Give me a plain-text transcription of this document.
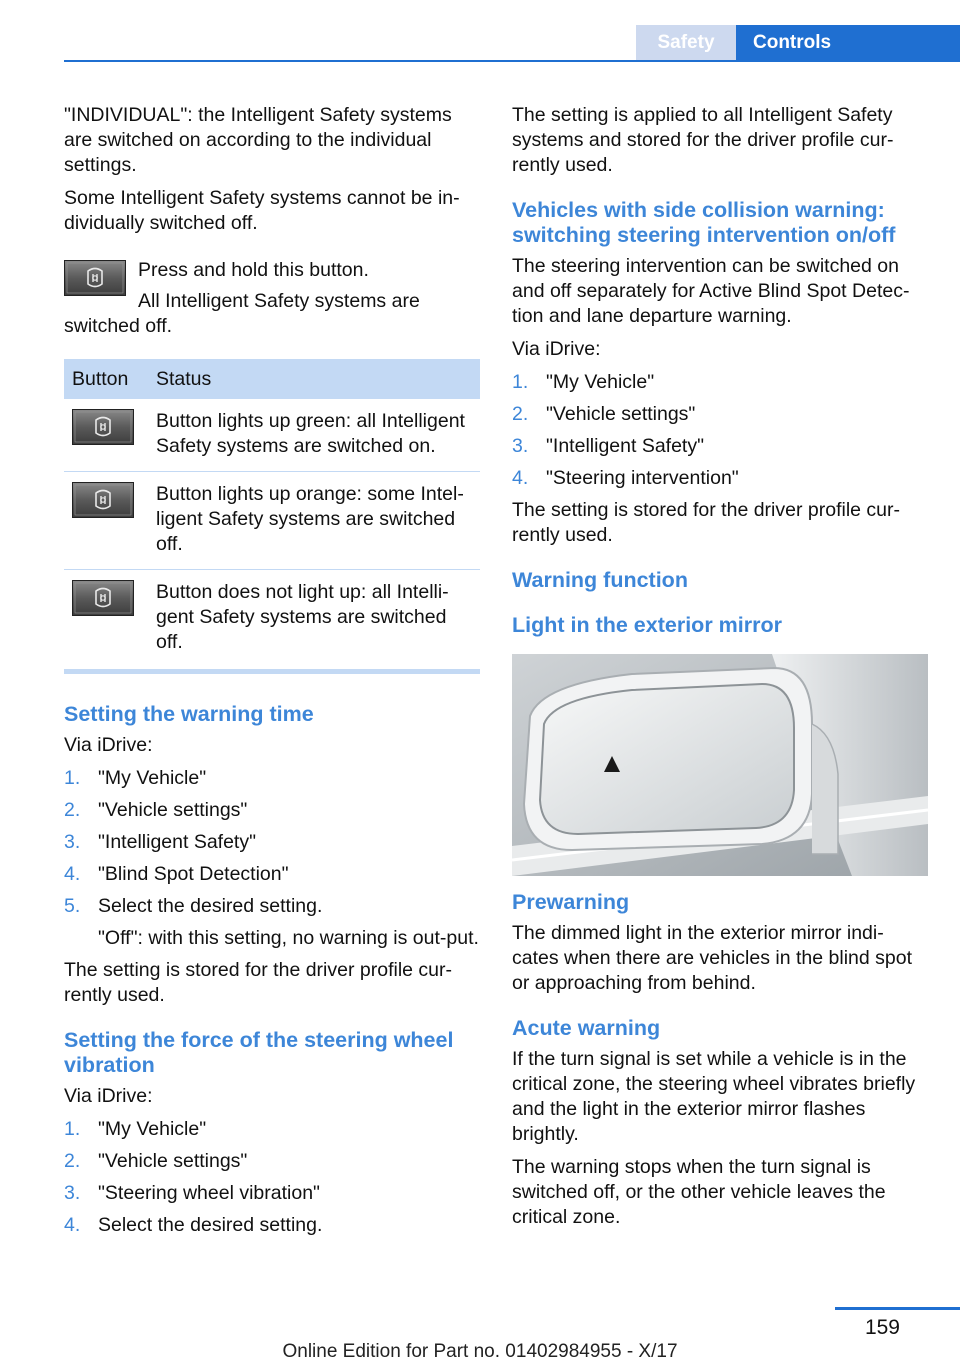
Safety	Controls

"INDIVIDUAL": the Intelligent Safety systems are switched on according to the individual settings.

Some Intelligent Safety systems cannot be in-dividually switched off.

Press and hold this button.

All Intelligent Safety systems are switched off.

Button	Status
	Button lights up green: all Intelligent Safety systems are switched on.
	Button lights up orange: some Intel-ligent Safety systems are switched off.
	Button does not light up: all Intelli-gent Safety systems are switched off.
Setting the warning time

Via iDrive:

1. "My Vehicle"
2. "Vehicle settings"
3. "Intelligent Safety"
4. "Blind Spot Detection"
5. Select the desired setting.
"Off": with this setting, no warning is out-put.

The setting is stored for the driver profile cur-rently used.

Setting the force of the steering wheel vibration

Via iDrive:

1. "My Vehicle"
2. "Vehicle settings"
3. "Steering wheel vibration"
4. Select the desired setting.

The setting is applied to all Intelligent Safety systems and stored for the driver profile cur-rently used.

Vehicles with side collision warning: switching steering intervention on/off

The steering intervention can be switched on and off separately for Active Blind Spot Detec-tion and lane departure warning.

Via iDrive:

1. "My Vehicle"
2. "Vehicle settings"
3. "Intelligent Safety"
4. "Steering intervention"

The setting is stored for the driver profile cur-rently used.

Warning function
Light in the exterior mirror
Prewarning

The dimmed light in the exterior mirror indi-cates when there are vehicles in the blind spot or approaching from behind.

Acute warning

If the turn signal is set while a vehicle is in the critical zone, the steering wheel vibrates briefly and the light in the exterior mirror flashes brightly.

The warning stops when the turn signal is switched off, or the other vehicle leaves the critical zone.

159
Online Edition for Part no. 01402984955 - X/17
